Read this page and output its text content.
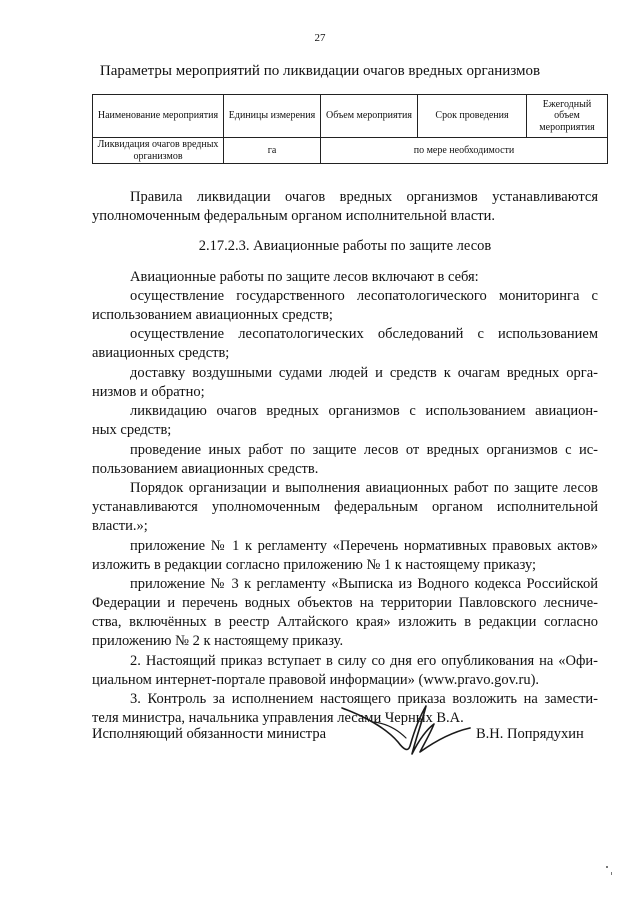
27
Параметры мероприятий по ликвидации очагов вредных организмов
Наименование мероприятия	Единицы измерения	Объем мероприятия	Срок проведения	Ежегодный объем мероприятия
Ликвидация очагов вредных организмов	га	по мере необходимости		
Правила ликвидации очагов вредных организмов устанавливаются
уполномоченным федеральным органом исполнительной власти.
2.17.2.3. Авиационные работы по защите лесов
Авиационные работы по защите лесов включают в себя:
осуществление государственного лесопатологического мониторинга с
использованием авиационных средств;
осуществление лесопатологических обследований с использованием
авиационных средств;
доставку воздушными судами людей и средств к очагам вредных орга-
низмов и обратно;
ликвидацию очагов вредных организмов с использованием авиацион-
ных средств;
проведение иных работ по защите лесов от вредных организмов с ис-
пользованием авиационных средств.
Порядок организации и выполнения авиационных работ по защите лесов
устанавливаются уполномоченным федеральным органом исполнительной
власти.»;
приложение № 1 к регламенту «Перечень нормативных правовых актов»
изложить в редакции согласно приложению № 1 к настоящему приказу;
приложение № 3 к регламенту «Выписка из Водного кодекса Российской
Федерации и перечень водных объектов на территории Павловского лесниче-
ства, включённых в реестр Алтайского края» изложить в редакции согласно
приложению № 2 к настоящему приказу.
2. Настоящий приказ вступает в силу со дня его опубликования на «Офи-
циальном интернет-портале правовой информации» (www.pravo.gov.ru).
3. Контроль за исполнением настоящего приказа возложить на замести-
теля министра, начальника управления лесами Черных В.А.
Исполняющий обязанности министра	В.Н. Попрядухин
